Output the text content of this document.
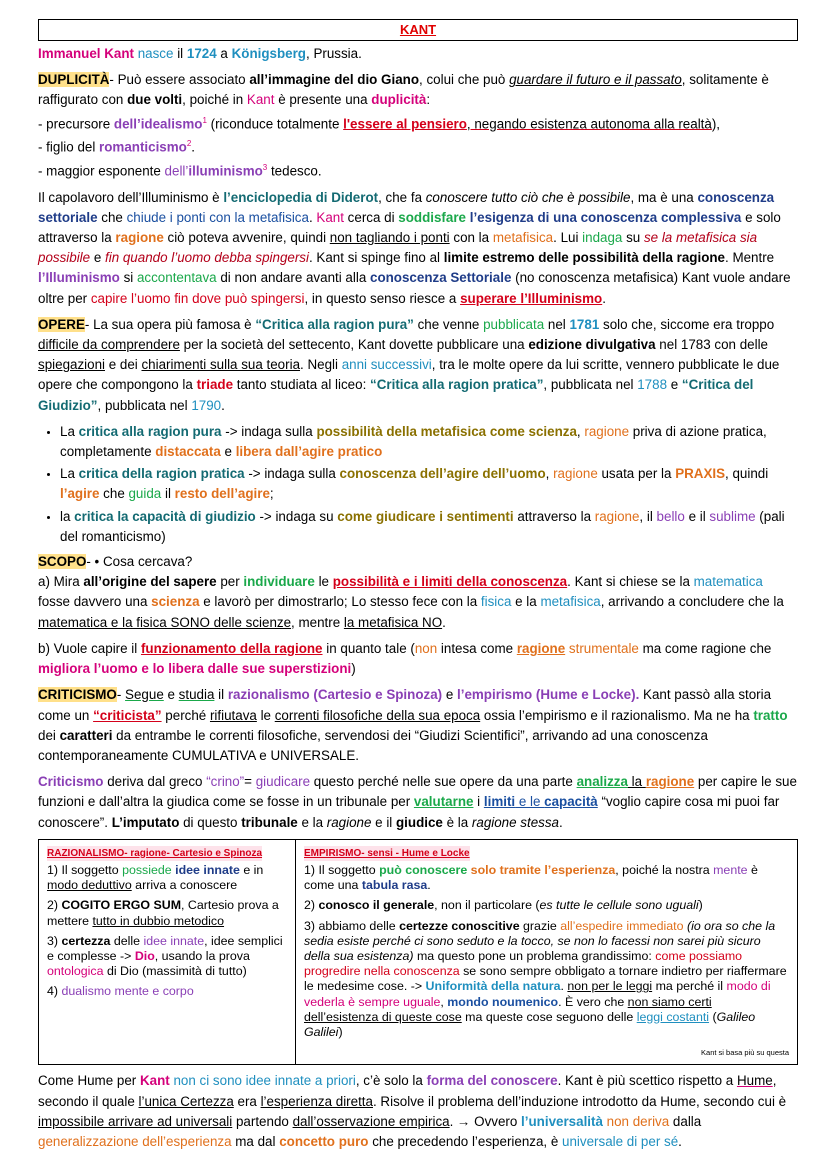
KANT

Immanuel Kant nasce il 1724 a Königsberg, Prussia.

DUPLICITÀ- Può essere associato all’immagine del dio Giano, colui che può guardare il futuro e il passato, solitamente è raffigurato con due volti, poiché in Kant è presente una duplicità:
- precursore dell’idealismo$^1$ (riconduce totalmente l'essere al pensiero, negando esistenza autonoma alla realtà),
- figlio del romanticismo$^2$.
- maggior esponente dell’illuminismo$^3$ tedesco.

Il capolavoro dell’Illuminismo è l’enciclopedia di Diderot, che fa conoscere tutto ciò che è possibile, ma è una conoscenza settoriale che chiude i ponti con la metafisica. Kant cerca di soddisfare l’esigenza di una conoscenza complessiva e solo attraverso la ragione ciò poteva avvenire, quindi non tagliando i ponti con la metafisica. Lui indaga su se la metafisica sia possibile e fin quando l’uomo debba spingersi. Kant si spinge fino al limite estremo delle possibilità della ragione. Mentre l’Illuminismo si accontentava di non andare avanti alla conoscenza Settoriale (no conoscenza metafisica) Kant vuole andare oltre per capire l’uomo fin dove può spingersi, in questo senso riesce a superare l’Illuminismo.

OPERE- La sua opera più famosa è “Critica alla ragion pura” che venne pubblicata nel 1781 solo che, siccome era troppo difficile da comprendere per la società del settecento, Kant dovette pubblicare una edizione divulgativa nel 1783 con delle spiegazioni e dei chiarimenti sulla sua teoria. Negli anni successivi, tra le molte opere da lui scritte, vennero pubblicate le due opere che compongono la triade tanto studiata al liceo: “Critica alla ragion pratica”, pubblicata nel 1788 e “Critica del Giudizio”, pubblicata nel 1790.

• La critica alla ragion pura -> indaga sulla possibilità della metafisica come scienza, ragione priva di azione pratica, completamente distaccata e libera dall’agire pratico
• La critica della ragion pratica -> indaga sulla conoscenza dell’agire dell’uomo, ragione usata per la PRAXIS, quindi l’agire che guida il resto dell’agire;
• la critica la capacità di giudizio -> indaga su come giudicare i sentimenti attraverso la ragione, il bello e il sublime (pali del romanticismo)

SCOPO- • Cosa cercava?
a) Mira all’origine del sapere per individuare le possibilità e i limiti della conoscenza. Kant si chiese se la matematica fosse davvero una scienza e lavorò per dimostrarlo; Lo stesso fece con la fisica e la metafisica, arrivando a concludere che la matematica e la fisica SONO delle scienze, mentre la metafisica NO.

b) Vuole capire il funzionamento della ragione in quanto tale (non intesa come ragione strumentale ma come ragione che migliora l’uomo e lo libera dalle sue superstizioni)

CRITICISMO- Segue e studia il razionalismo (Cartesio e Spinoza) e l’empirismo (Hume e Locke). Kant passò alla storia come un “criticista” perché rifiutava le correnti filosofiche della sua epoca ossia l’empirismo e il razionalismo. Ma ne ha tratto dei caratteri da entrambe le correnti filosofiche, servendosi dei “Giudizi Scientifici”, arrivando ad una conoscenza contemporaneamente CUMULATIVA e UNIVERSALE.

Criticismo deriva dal greco “crino”= giudicare questo perché nelle sue opere da una parte analizza la ragione per capire le sue funzioni e dall’altra la giudica come se fosse in un tribunale per valutarne i limiti e le capacità “voglio capire cosa mi puoi far conoscere”. L’imputato di questo tribunale e la ragione e il giudice è la ragione stessa.

RAZIONALISMO- ragione- Cartesio e Spinoza

1) Il soggetto possiede idee innate e in modo deduttivo arriva a conoscere

2) COGITO ERGO SUM, Cartesio prova a mettere tutto in dubbio metodico

3) certezza delle idee innate, idee semplici e complesse -> Dio, usando la prova ontologica di Dio (massimità di tutto)

4) dualismo mente e corpo

	EMPIRISMO- sensi - Hume e Locke

1) Il soggetto può conoscere solo tramite l’esperienza, poiché la nostra mente è come una tabula rasa.

2) conosco il generale, non il particolare (es tutte le cellule sono uguali)

3) abbiamo delle certezze conoscitive grazie all’espedire immediato (io ora so che la sedia esiste perché ci sono seduto e la tocco, se non lo facessi non sarei più sicuro della sua esistenza) ma questo pone un problema grandissimo: come possiamo progredire nella conoscenza se sono sempre obbligato a tornare indietro per riaffermare le medesime cose. -> Uniformità della natura. non per le leggi ma perché il modo di vederla è sempre uguale, mondo noumenico. È vero che non siamo certi dell’esistenza di queste cose ma queste cose seguono delle leggi costanti (Galileo Galilei)

Kant si basa più su questa

Come Hume per Kant non ci sono idee innate a priori, c’è solo la forma del conoscere. Kant è più scettico rispetto a Hume, secondo il quale l’unica Certezza era l’esperienza diretta. Risolve il problema dell’induzione introdotto da Hume, secondo cui è impossibile arrivare ad universali partendo dall’osservazione empirica. → Ovvero l’universalità non deriva dalla generalizzazione dell’esperienza ma dal concetto puro che precedendo l’esperienza, è universale di per sé.
